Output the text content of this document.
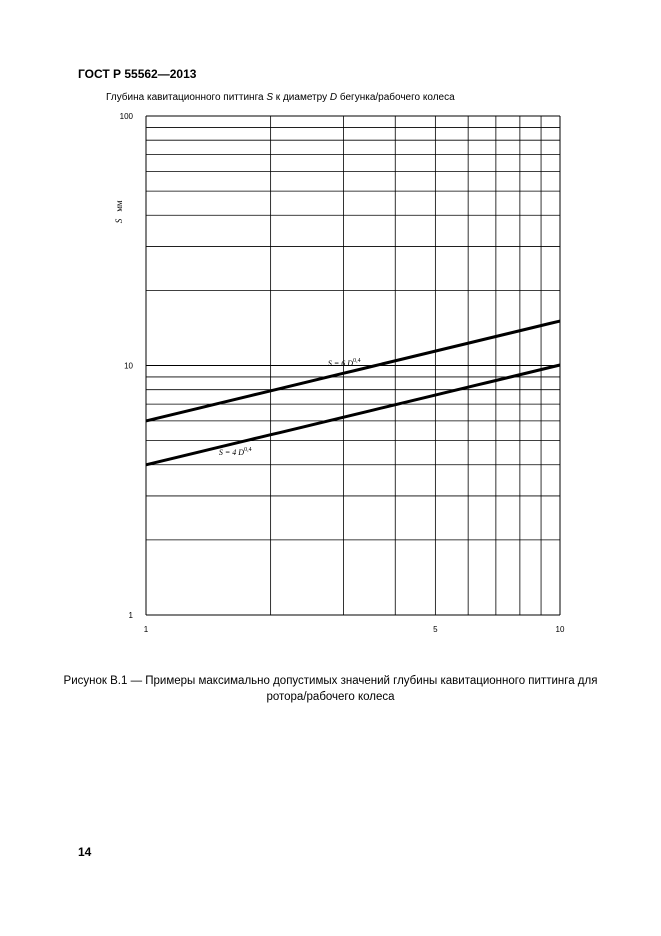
ГОСТ Р 55562—2013
Глубина кавитационного питтинга S к диаметру D бегунка/рабочего колеса
1
10
100
1	5	10
Sмм
S = 6 D$^{0,4}$
S = 4 D$^{0,4}$
Рисунок В.1 — Примеры максимально допустимых значений глубины кавитационного питтинга для
ротора/рабочего колеса
14
